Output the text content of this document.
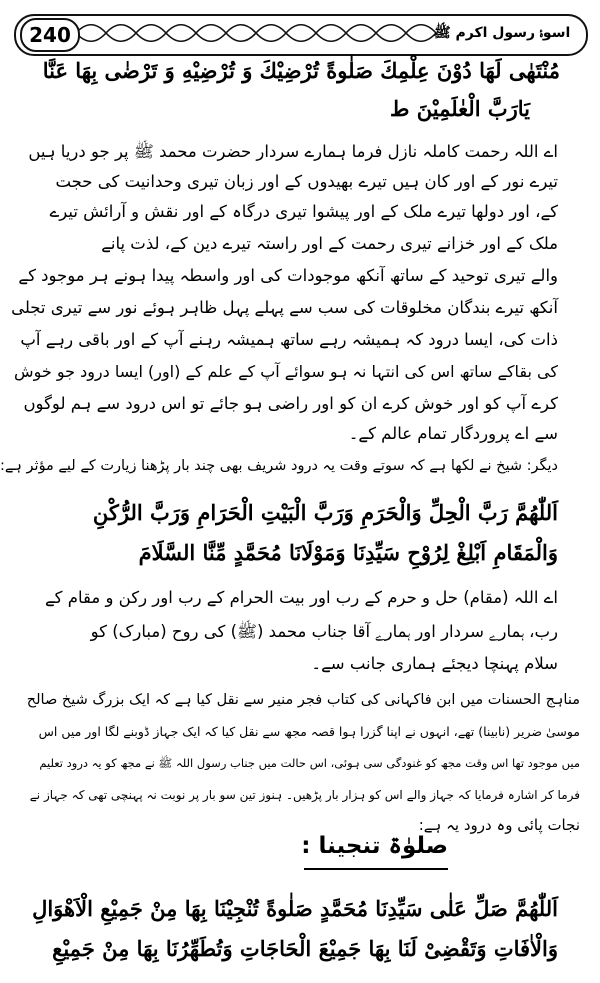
240	اسوۂ رسول اکرم ﷺ
مُنْتَهٰى لَهَا دُوْنَ عِلْمِكَ صَلٰوةً تُرْضِيْكَ وَ تُرْضِيْهِ وَ تَرْضٰى بِهَا عَنَّا
يَارَبَّ الْعٰلَمِيْنَ ط
اے اللہ رحمت کاملہ نازل فرما ہمارے سردار حضرت محمد ﷺ پر جو دریا ہیں
تیرے نور کے اور کان ہیں تیرے بھیدوں کے اور زبان تیری وحدانیت کی حجت
کے، اور دولھا تیرے ملک کے اور پیشوا تیری درگاہ کے اور نقش و آرائش تیرے
ملک کے اور خزانے تیری رحمت کے اور راستہ تیرے دین کے، لذت پانے
والے تیری توحید کے ساتھ آنکھ موجودات کی اور واسطہ پیدا ہونے ہر موجود کے
آنکھ تیرے بندگان مخلوقات کی سب سے پہلے پہل ظاہر ہوئے نور سے تیری تجلی
ذات کی، ایسا درود کہ ہمیشہ رہے ساتھ ہمیشہ رہنے آپ کے اور باقی رہے آپ
کی بقاکے ساتھ اس کی انتہا نہ ہو سوائے آپ کے علم کے (اور) ایسا درود جو خوش
کرے آپ کو اور خوش کرے ان کو اور راضی ہو جائے تو اس درود سے ہم لوگوں
سے اے پروردگار تمام عالم کے۔
دیگر: شیخ نے لکھا ہے کہ سوتے وقت یہ درود شریف بھی چند بار پڑھنا زیارت کے لیے مؤثر ہے:
اَللّٰهُمَّ رَبَّ الْحِلِّ وَالْحَرَمِ وَرَبَّ الْبَيْتِ الْحَرَامِ وَرَبَّ الرُّكْنِ
وَالْمَقَامِ اَبْلِغْ لِرُوْحِ سَيِّدِنَا وَمَوْلَانَا مُحَمَّدٍ مِّنَّا السَّلَامَ
اے اللہ (مقام) حل و حرم کے رب اور بیت الحرام کے رب اور رکن و مقام کے
رب، ہمارے سردار اور ہمارے آقا جناب محمد (ﷺ) کی روح (مبارک) کو
سلام پہنچا دیجئے ہماری جانب سے۔
مناہج الحسنات میں ابن فاکہانی کی کتاب فجر منیر سے نقل کیا ہے کہ ایک بزرگ شیخ صالح
موسیٰ ضریر (نابینا) تھے، انہوں نے اپنا گزرا ہوا قصہ مجھ سے نقل کیا کہ ایک جہاز ڈوبنے لگا اور میں اس
میں موجود تھا اس وقت مجھ کو غنودگی سی ہوئی، اس حالت میں جناب رسول اللہ ﷺ نے مجھ کو یہ درود تعلیم
فرما کر اشارہ فرمایا کہ جہاز والے اس کو ہزار بار پڑھیں۔ ہنوز تین سو بار پر نوبت نہ پہنچی تھی کہ جہاز نے
نجات پائی وہ درود یہ ہے:
صلوٰۃ تنجینا :
اَللّٰهُمَّ صَلِّ عَلٰى سَيِّدِنَا مُحَمَّدٍ صَلٰوةً تُنْجِيْنَا بِهَا مِنْ جَمِيْعِ الْاَهْوَالِ
وَالْاٰفَاتِ وَتَقْضِىْ لَنَا بِهَا جَمِيْعَ الْحَاجَاتِ وَتُطَهِّرُنَا بِهَا مِنْ جَمِيْعِ
